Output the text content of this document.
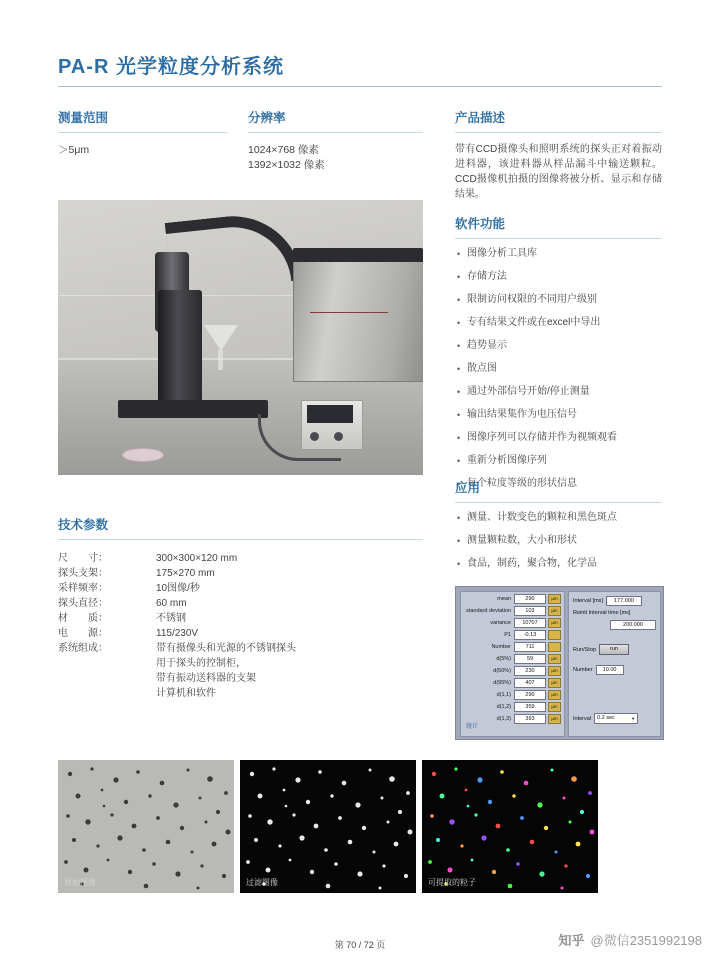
PA-R 光学粒度分析系统
测量范围
＞5μm
分辨率
1024×768 像素
1392×1032 像素
产品描述
带有CCD摄像头和照明系统的探头正对着振动进料器，该进料器从样品漏斗中输送颗粒。CCD摄像机拍摄的图像将被分析、显示和存储结果。
软件功能
• 图像分析工具库
• 存储方法
• 限制访问权限的不同用户级别
• 专有结果文件或在excel中导出
• 趋势显示
• 散点图
• 通过外部信号开始/停止测量
• 输出结果集作为电压信号
• 图像序列可以存储并作为视频观看
• 重新分析图像序列
• 每个粒度等级的形状信息
应用
• 测量、计数变色的颗粒和黑色斑点
• 测量颗粒数，大小和形状
• 食品，制药，聚合物，化学品
技术参数
尺　　寸：	300×300×120 mm
探头支架：	175×270 mm
采样频率：	10图像/秒
探头直径：	60 mm
材　　质：	不锈钢
电　　源：	115/230V
系统组成：	带有摄像头和光源的不锈钢探头
	用于探头的控制柜，
	带有振动送料器的支架
	计算机和软件
mean	290	µm
standard deviation	103	µm
variance	10707	µm
P1	-0.13
Number	711
d(5%)	59	µm
d(50%)	230	µm
d(95%)	407	µm
d(1,1)	290	µm
d(1,2)	359	µm
d(1,3)	393	µm
统计
Interval [ms]	177.000
Reinit Interval time [ms]
200.000
Run/Stop	run
Number	10.00
Interval	0.2 sec ▼
原始图像	过滤图像	可提取的粒子
第 70 / 72 页	知乎 @微信2351992198
